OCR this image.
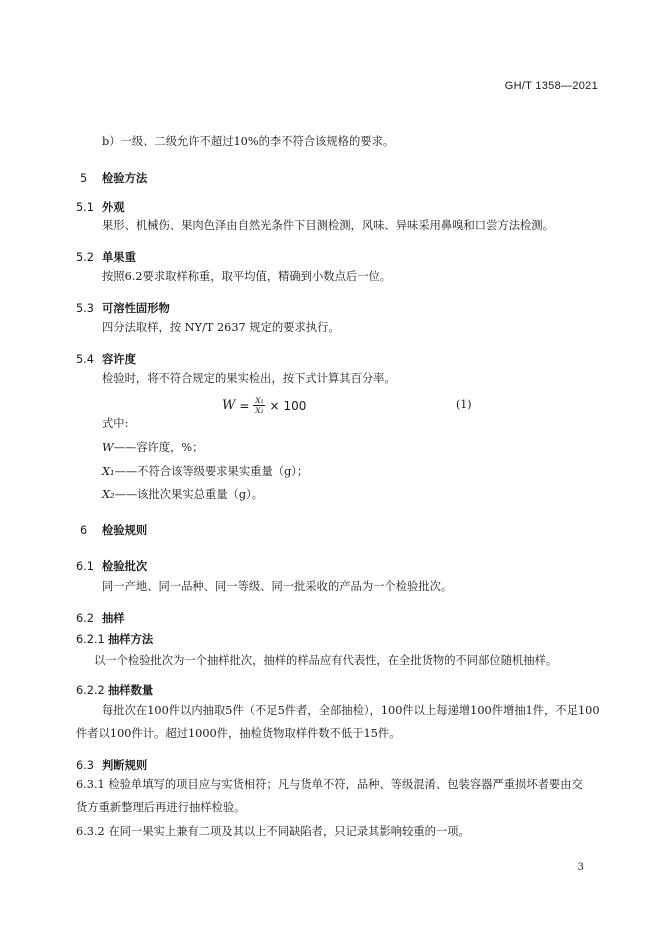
GH/T 1358—2021
b）一级、二级允许不超过10%的李不符合该规格的要求。
5 检验方法
5.1 外观
果形、机械伤、果肉色泽由自然光条件下目测检测，风味、异味采用鼻嗅和口尝方法检测。
5.2 单果重
按照6.2要求取样称重，取平均值，精确到小数点后一位。
5.3 可溶性固形物
四分法取样，按 NY/T 2637 规定的要求执行。
5.4 容许度
检验时，将不符合规定的果实检出，按下式计算其百分率。
$W = \frac{\text{X₁}}{\text{X₂}} \times 100$	(1)
式中:
W——容许度，%；
X₁——不符合该等级要求果实重量（g）；
X₂——该批次果实总重量（g）。
6 检验规则
6.1 检验批次
同一产地、同一品种、同一等级、同一批采收的产品为一个检验批次。
6.2 抽样
6.2.1 抽样方法
以一个检验批次为一个抽样批次，抽样的样品应有代表性，在全批货物的不同部位随机抽样。
6.2.2 抽样数量
每批次在100件以内抽取5件（不足5件者，全部抽检），100件以上每递增100件增抽1件，不足100
件者以100件计。超过1000件，抽检货物取样件数不低于15件。
6.3 判断规则
6.3.1 检验单填写的项目应与实货相符；凡与货单不符，品种、等级混淆、包装容器严重损坏者要由交
货方重新整理后再进行抽样检验。
6.3.2 在同一果实上兼有二项及其以上不同缺陷者，只记录其影响较重的一项。
3
